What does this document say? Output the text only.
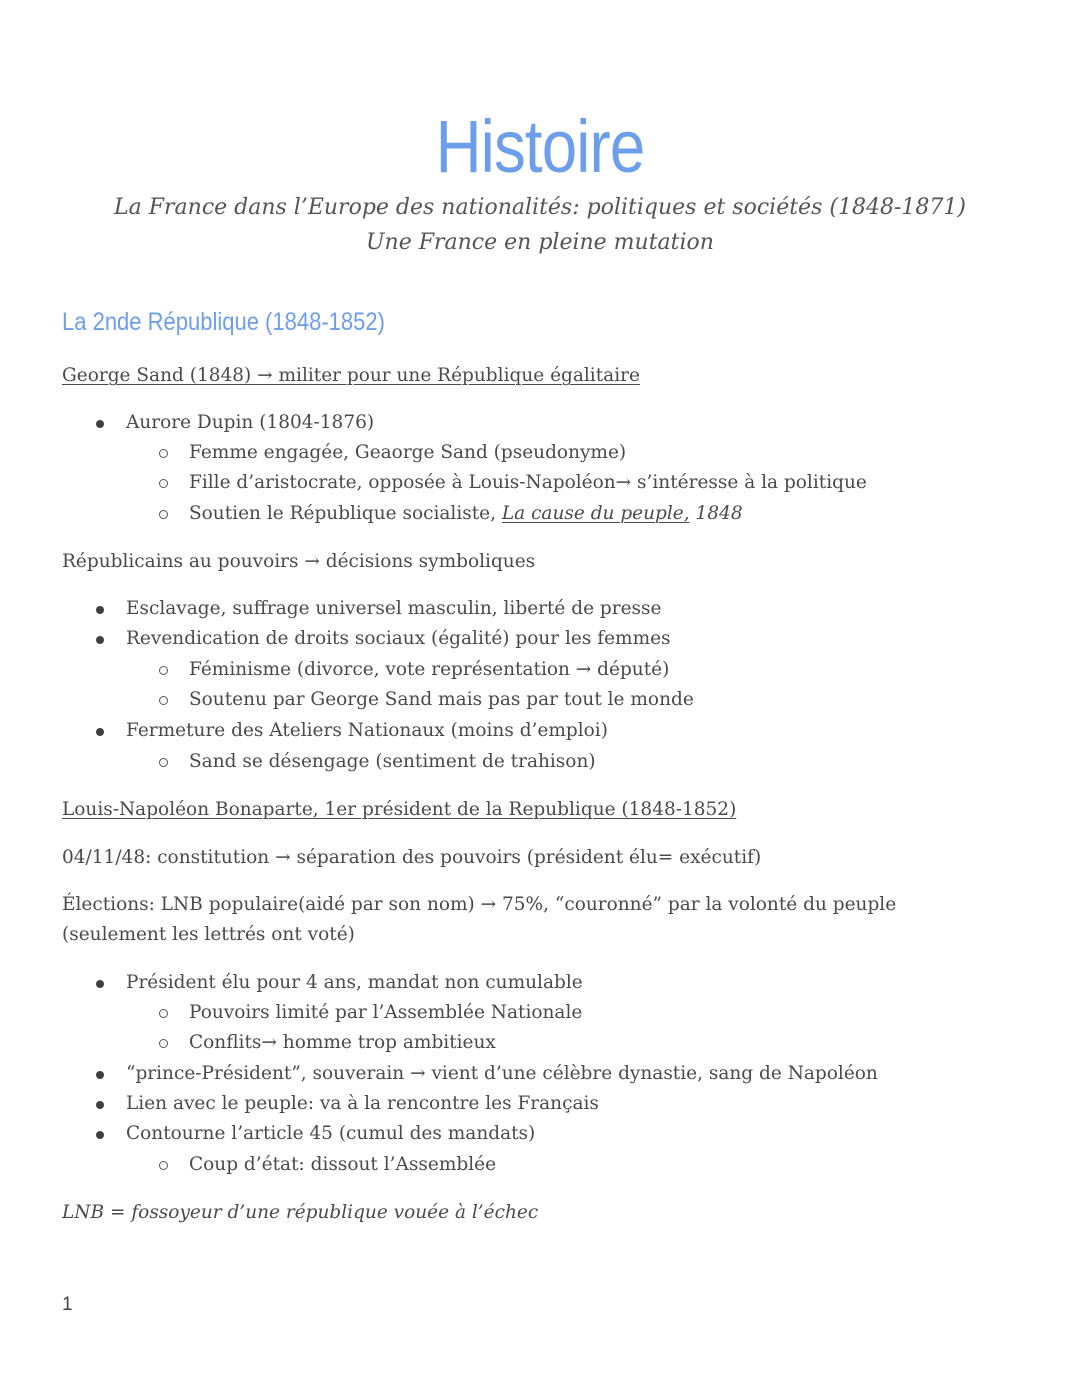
Histoire
La France dans l’Europe des nationalités: politiques et sociétés (1848-1871)
Une France en pleine mutation
La 2nde République (1848-1852)
George Sand (1848) → militer pour une République égalitaire
Aurore Dupin (1804-1876)
Femme engagée, Geaorge Sand (pseudonyme)
Fille d’aristocrate, opposée à Louis-Napoléon→ s’intéresse à la politique
Soutien le République socialiste, La cause du peuple, 1848
Républicains au pouvoirs → décisions symboliques
Esclavage, suffrage universel masculin, liberté de presse
Revendication de droits sociaux (égalité) pour les femmes
Féminisme (divorce, vote représentation → député)
Soutenu par George Sand mais pas par tout le monde
Fermeture des Ateliers Nationaux (moins d’emploi)
Sand se désengage (sentiment de trahison)
Louis-Napoléon Bonaparte, 1er président de la Republique (1848-1852)
04/11/48: constitution → séparation des pouvoirs (président élu= exécutif)
Élections: LNB populaire(aidé par son nom) → 75%, “couronné” par la volonté du peuple (seulement les lettrés ont voté)
Président élu pour 4 ans, mandat non cumulable
Pouvoirs limité par l’Assemblée Nationale
Conflits→ homme trop ambitieux
“prince-Président”, souverain → vient d’une célèbre dynastie, sang de Napoléon
Lien avec le peuple: va à la rencontre les Français
Contourne l’article 45 (cumul des mandats)
Coup d’état: dissout l’Assemblée
LNB = fossoyeur d’une république vouée à l’échec
1
